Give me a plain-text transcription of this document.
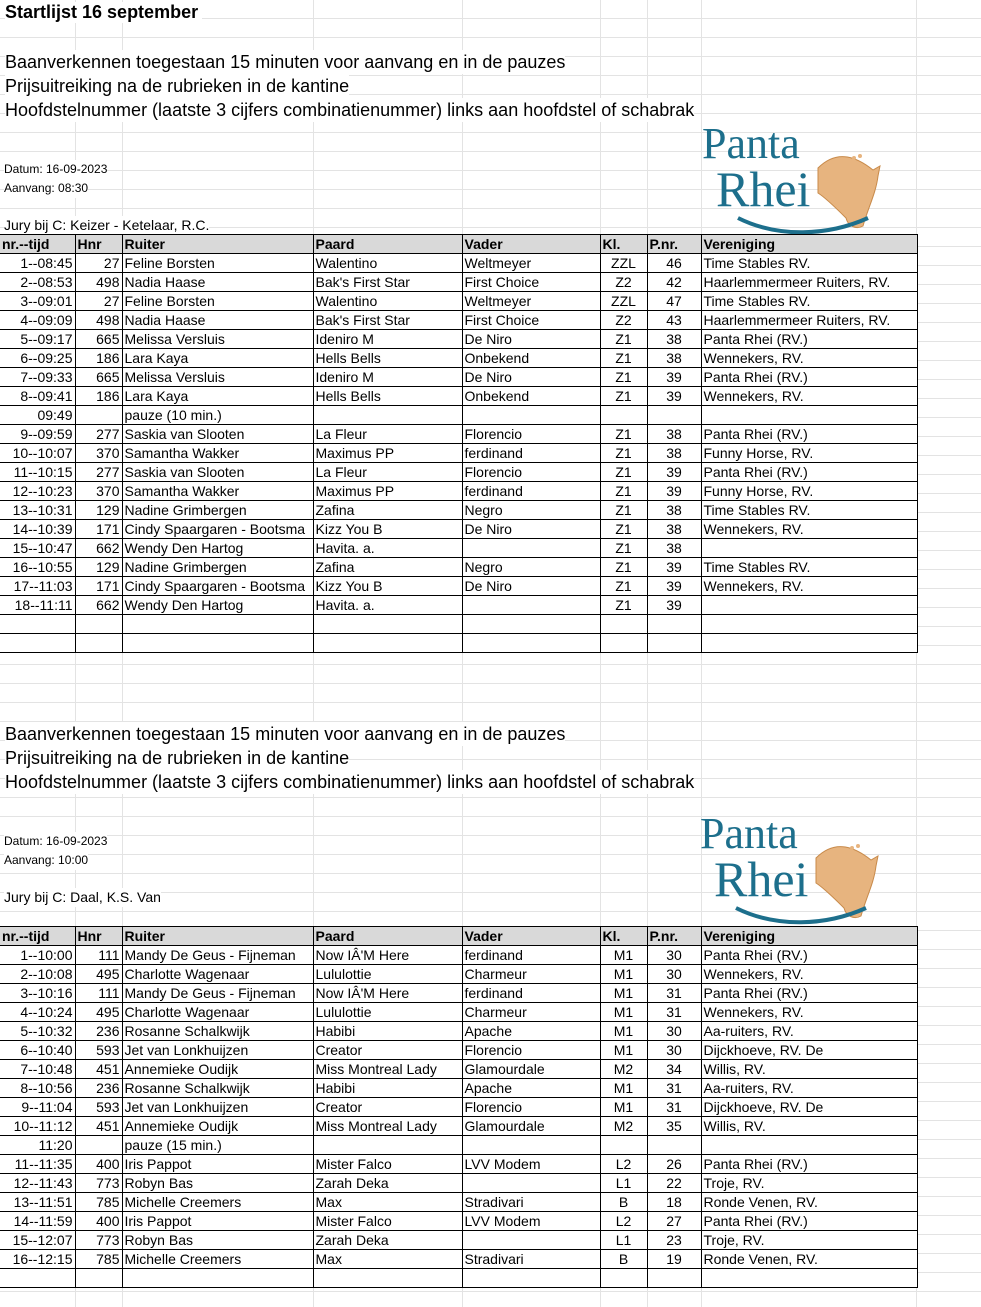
Startlijst 16 september
Baanverkennen toegestaan 15 minuten voor aanvang en in de pauzes
Prijsuitreiking na de rubrieken in de kantine
Hoofdstelnummer (laatste 3 cijfers combinatienummer) links aan hoofdstel of schabrak
Datum: 16-09-2023
Aanvang: 08:30
Jury bij C: Keizer - Ketelaar, R.C.
Panta
Rhei
nr.--tijd	Hnr	Ruiter	Paard	Vader	Kl.	P.nr.	Vereniging
1--08:45	27	Feline Borsten	Walentino	Weltmeyer	ZZL	46	Time Stables RV.
2--08:53	498	Nadia Haase	Bak's First Star	First Choice	Z2	42	Haarlemmermeer Ruiters, RV.
3--09:01	27	Feline Borsten	Walentino	Weltmeyer	ZZL	47	Time Stables RV.
4--09:09	498	Nadia Haase	Bak's First Star	First Choice	Z2	43	Haarlemmermeer Ruiters, RV.
5--09:17	665	Melissa Versluis	Ideniro M	De Niro	Z1	38	Panta Rhei (RV.)
6--09:25	186	Lara Kaya	Hells Bells	Onbekend	Z1	38	Wennekers, RV.
7--09:33	665	Melissa Versluis	Ideniro M	De Niro	Z1	39	Panta Rhei (RV.)
8--09:41	186	Lara Kaya	Hells Bells	Onbekend	Z1	39	Wennekers, RV.
09:49		pauze (10 min.)					
9--09:59	277	Saskia van Slooten	La Fleur	Florencio	Z1	38	Panta Rhei (RV.)
10--10:07	370	Samantha Wakker	Maximus PP	ferdinand	Z1	38	Funny Horse, RV.
11--10:15	277	Saskia van Slooten	La Fleur	Florencio	Z1	39	Panta Rhei (RV.)
12--10:23	370	Samantha Wakker	Maximus PP	ferdinand	Z1	39	Funny Horse, RV.
13--10:31	129	Nadine Grimbergen	Zafina	Negro	Z1	38	Time Stables RV.
14--10:39	171	Cindy Spaargaren - Bootsma	Kizz You B	De Niro	Z1	38	Wennekers, RV.
15--10:47	662	Wendy Den Hartog	Havita. a.		Z1	38	
16--10:55	129	Nadine Grimbergen	Zafina	Negro	Z1	39	Time Stables RV.
17--11:03	171	Cindy Spaargaren - Bootsma	Kizz You B	De Niro	Z1	39	Wennekers, RV.
18--11:11	662	Wendy Den Hartog	Havita. a.		Z1	39	

Baanverkennen toegestaan 15 minuten voor aanvang en in de pauzes
Prijsuitreiking na de rubrieken in de kantine
Hoofdstelnummer (laatste 3 cijfers combinatienummer) links aan hoofdstel of schabrak
Datum: 16-09-2023
Aanvang: 10:00
Jury bij C: Daal, K.S. Van
Panta
Rhei
nr.--tijd	Hnr	Ruiter	Paard	Vader	Kl.	P.nr.	Vereniging
1--10:00	111	Mandy De Geus - Fijneman	Now IÂ'M Here	ferdinand	M1	30	Panta Rhei (RV.)
2--10:08	495	Charlotte Wagenaar	Lululottie	Charmeur	M1	30	Wennekers, RV.
3--10:16	111	Mandy De Geus - Fijneman	Now IÂ'M Here	ferdinand	M1	31	Panta Rhei (RV.)
4--10:24	495	Charlotte Wagenaar	Lululottie	Charmeur	M1	31	Wennekers, RV.
5--10:32	236	Rosanne Schalkwijk	Habibi	Apache	M1	30	Aa-ruiters, RV.
6--10:40	593	Jet van Lonkhuijzen	Creator	Florencio	M1	30	Dijckhoeve, RV. De
7--10:48	451	Annemieke Oudijk	Miss Montreal Lady	Glamourdale	M2	34	Willis, RV.
8--10:56	236	Rosanne Schalkwijk	Habibi	Apache	M1	31	Aa-ruiters, RV.
9--11:04	593	Jet van Lonkhuijzen	Creator	Florencio	M1	31	Dijckhoeve, RV. De
10--11:12	451	Annemieke Oudijk	Miss Montreal Lady	Glamourdale	M2	35	Willis, RV.
11:20		pauze (15 min.)					
11--11:35	400	Iris Pappot	Mister Falco	LVV Modem	L2	26	Panta Rhei (RV.)
12--11:43	773	Robyn Bas	Zarah Deka		L1	22	Troje, RV.
13--11:51	785	Michelle Creemers	Max	Stradivari	B	18	Ronde Venen, RV.
14--11:59	400	Iris Pappot	Mister Falco	LVV Modem	L2	27	Panta Rhei (RV.)
15--12:07	773	Robyn Bas	Zarah Deka		L1	23	Troje, RV.
16--12:15	785	Michelle Creemers	Max	Stradivari	B	19	Ronde Venen, RV.
